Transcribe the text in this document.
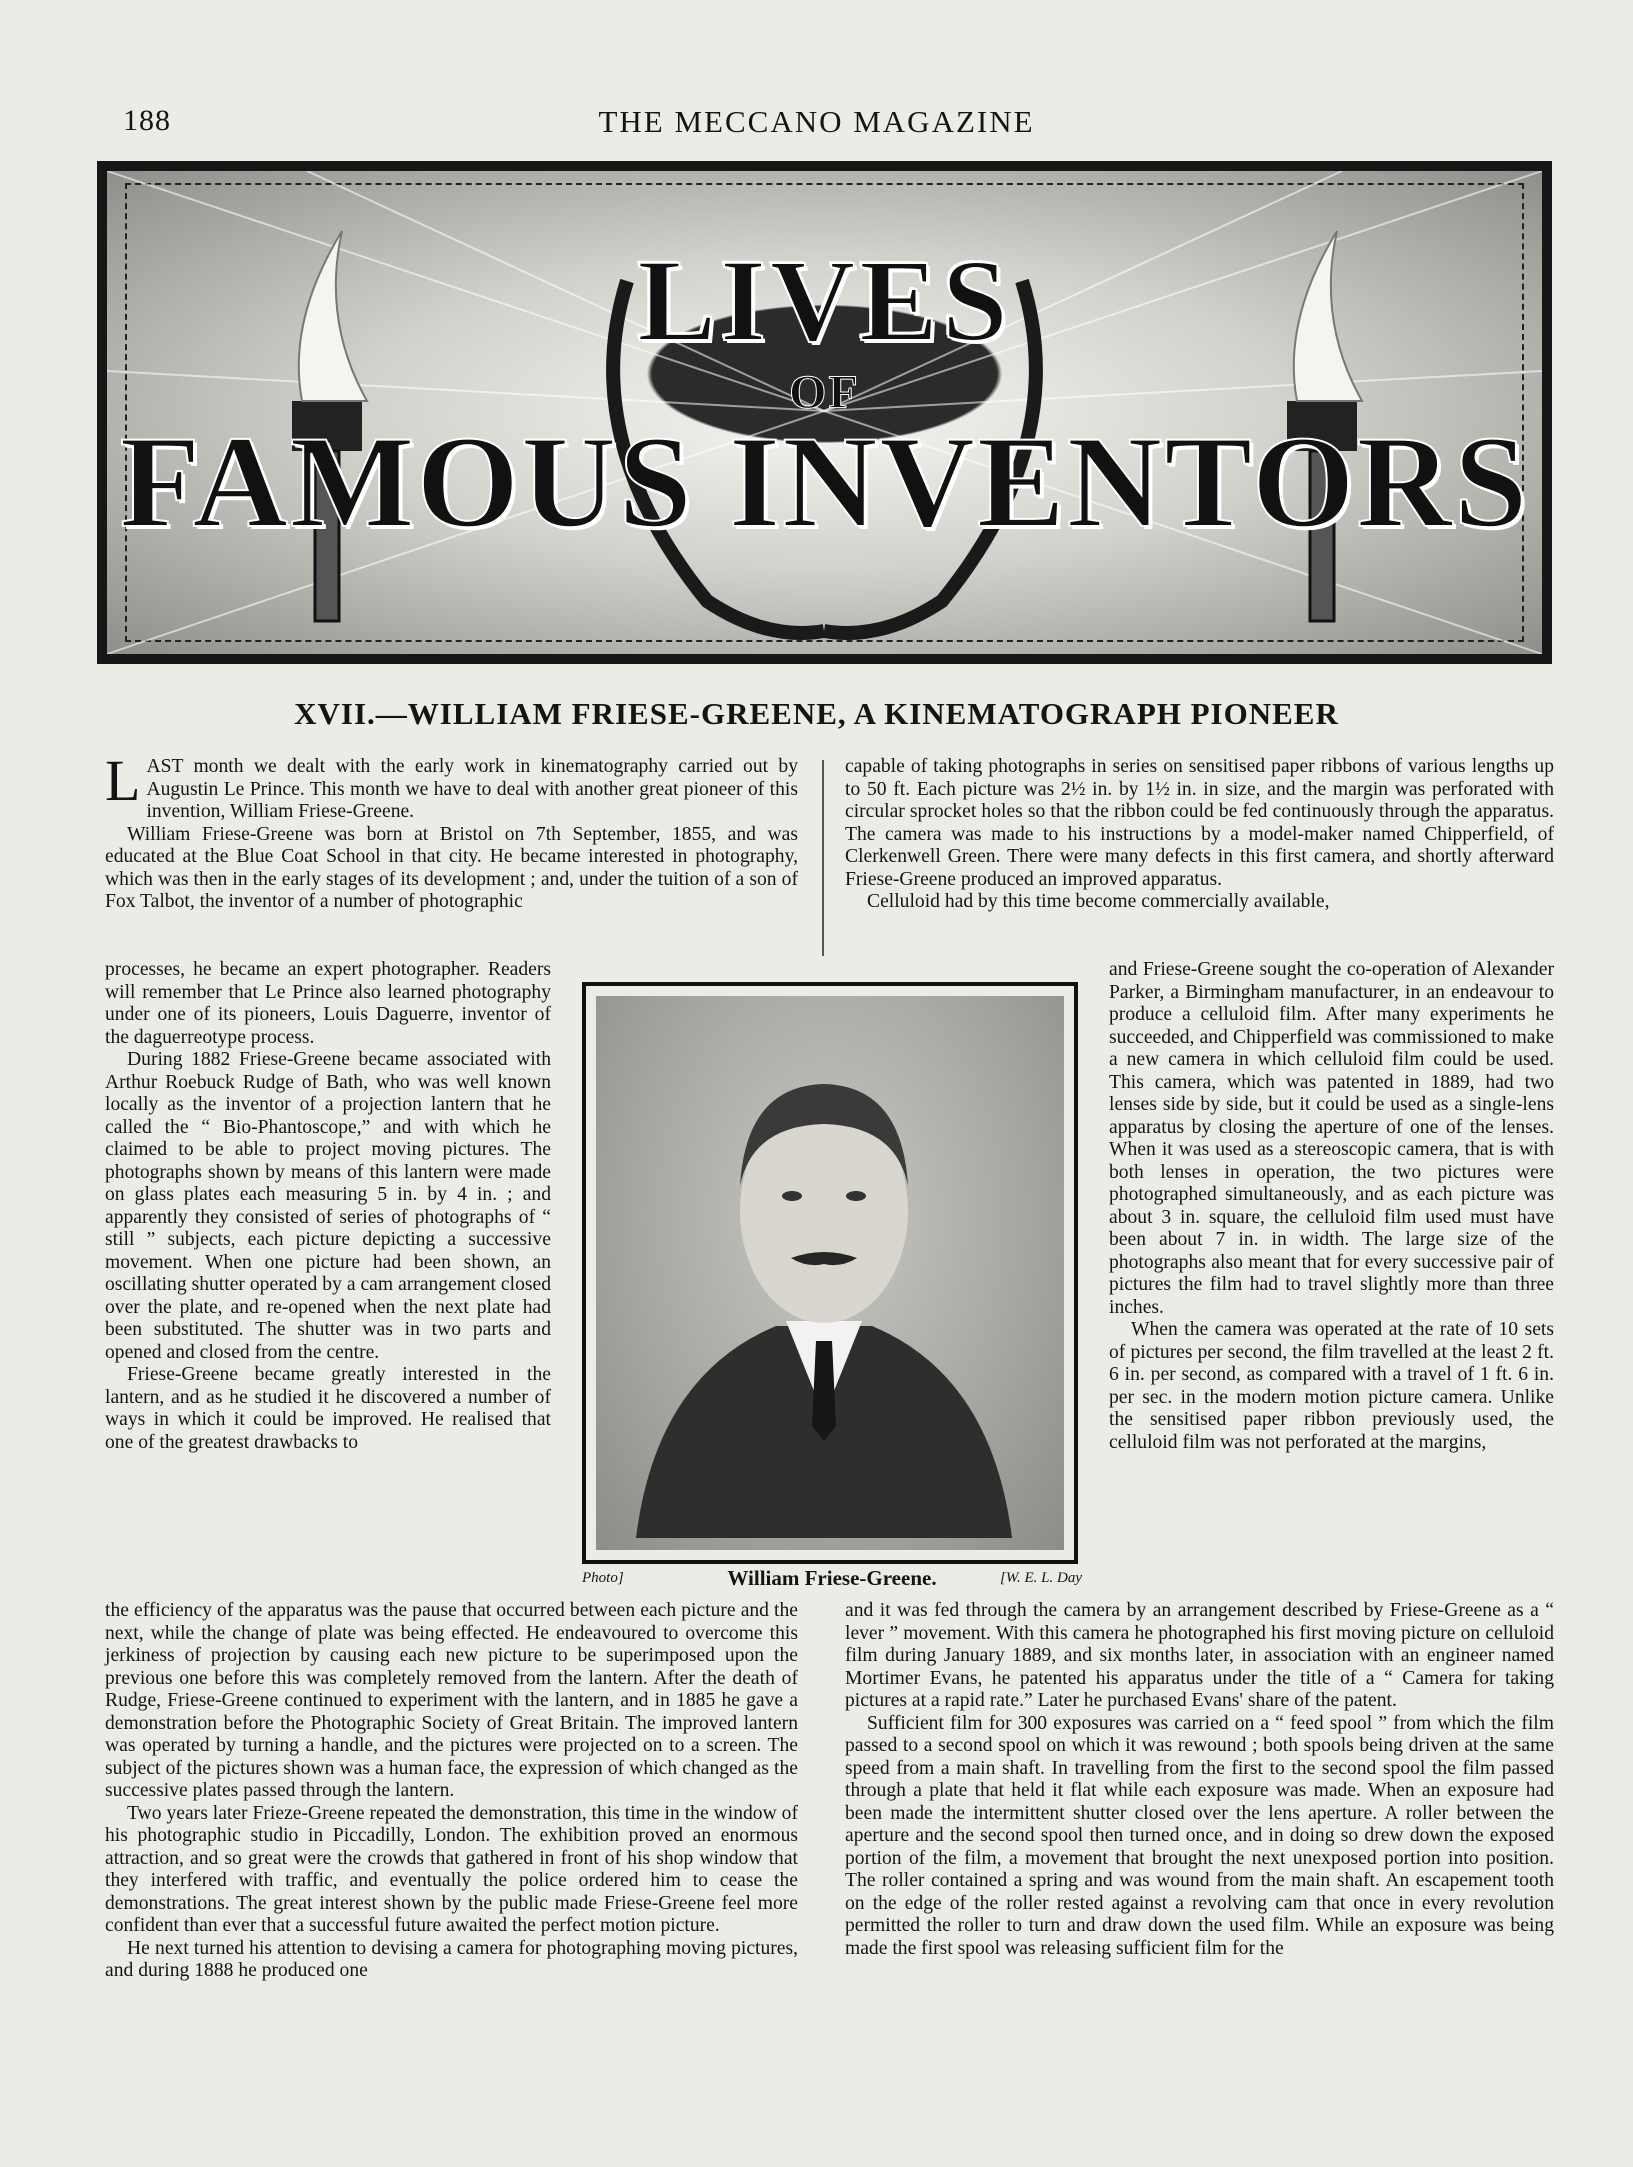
188	THE MECCANO MAGAZINE
LIVES
OF
FAMOUS INVENTORS
XVII.—WILLIAM FRIESE-GREENE, A KINEMATOGRAPH PIONEER

LAST month we dealt with the early work in kinematography carried out by Augustin Le Prince. This month we have to deal with another great pioneer of this invention, William Friese-Greene.

William Friese-Greene was born at Bristol on 7th September, 1855, and was educated at the Blue Coat School in that city. He became interested in photography, which was then in the early stages of its development ; and, under the tuition of a son of Fox Talbot, the inventor of a number of photographic

capable of taking photographs in series on sensitised paper ribbons of various lengths up to 50 ft. Each picture was 2½ in. by 1½ in. in size, and the margin was perforated with circular sprocket holes so that the ribbon could be fed continuously through the apparatus. The camera was made to his instructions by a model-maker named Chipperfield, of Clerkenwell Green. There were many defects in this first camera, and shortly afterward Friese-Greene produced an improved apparatus.

Celluloid had by this time become commercially available,

processes, he became an expert photographer. Readers will remember that Le Prince also learned photography under one of its pioneers, Louis Daguerre, inventor of the daguerreotype process.

During 1882 Friese-Greene became associated with Arthur Roebuck Rudge of Bath, who was well known locally as the inventor of a projection lantern that he called the “ Bio-Phantoscope,” and with which he claimed to be able to project moving pictures. The photographs shown by means of this lantern were made on glass plates each measuring 5 in. by 4 in. ; and apparently they consisted of series of photographs of “ still ” subjects, each picture depicting a successive movement. When one picture had been shown, an oscillating shutter operated by a cam arrangement closed over the plate, and re-opened when the next plate had been substituted. The shutter was in two parts and opened and closed from the centre.

Friese-Greene became greatly interested in the lantern, and as he studied it he discovered a number of ways in which it could be improved. He realised that one of the greatest drawbacks to

Photo]	William Friese-Greene.	[W. E. L. Day

and Friese-Greene sought the co-operation of Alexander Parker, a Birmingham manufacturer, in an endeavour to produce a celluloid film. After many experiments he succeeded, and Chipperfield was commissioned to make a new camera in which celluloid film could be used. This camera, which was patented in 1889, had two lenses side by side, but it could be used as a single-lens apparatus by closing the aperture of one of the lenses. When it was used as a stereoscopic camera, that is with both lenses in operation, the two pictures were photographed simultaneously, and as each picture was about 3 in. square, the celluloid film used must have been about 7 in. in width. The large size of the photographs also meant that for every successive pair of pictures the film had to travel slightly more than three inches.

When the camera was operated at the rate of 10 sets of pictures per second, the film travelled at the least 2 ft. 6 in. per second, as compared with a travel of 1 ft. 6 in. per sec. in the modern motion picture camera. Unlike the sensitised paper ribbon previously used, the celluloid film was not perforated at the margins,

the efficiency of the apparatus was the pause that occurred between each picture and the next, while the change of plate was being effected. He endeavoured to overcome this jerkiness of projection by causing each new picture to be superimposed upon the previous one before this was completely removed from the lantern. After the death of Rudge, Friese-Greene continued to experiment with the lantern, and in 1885 he gave a demonstration before the Photographic Society of Great Britain. The improved lantern was operated by turning a handle, and the pictures were projected on to a screen. The subject of the pictures shown was a human face, the expression of which changed as the successive plates passed through the lantern.

Two years later Frieze-Greene repeated the demonstration, this time in the window of his photographic studio in Piccadilly, London. The exhibition proved an enormous attraction, and so great were the crowds that gathered in front of his shop window that they interfered with traffic, and eventually the police ordered him to cease the demonstrations. The great interest shown by the public made Friese-Greene feel more confident than ever that a successful future awaited the perfect motion picture.

He next turned his attention to devising a camera for photographing moving pictures, and during 1888 he produced one

and it was fed through the camera by an arrangement described by Friese-Greene as a “ lever ” movement. With this camera he photographed his first moving picture on celluloid film during January 1889, and six months later, in association with an engineer named Mortimer Evans, he patented his apparatus under the title of a “ Camera for taking pictures at a rapid rate.” Later he purchased Evans' share of the patent.

Sufficient film for 300 exposures was carried on a “ feed spool ” from which the film passed to a second spool on which it was rewound ; both spools being driven at the same speed from a main shaft. In travelling from the first to the second spool the film passed through a plate that held it flat while each exposure was made. When an exposure had been made the intermittent shutter closed over the lens aperture. A roller between the aperture and the second spool then turned once, and in doing so drew down the exposed portion of the film, a movement that brought the next unexposed portion into position. The roller contained a spring and was wound from the main shaft. An escapement tooth on the edge of the roller rested against a revolving cam that once in every revolution permitted the roller to turn and draw down the used film. While an exposure was being made the first spool was releasing sufficient film for the
